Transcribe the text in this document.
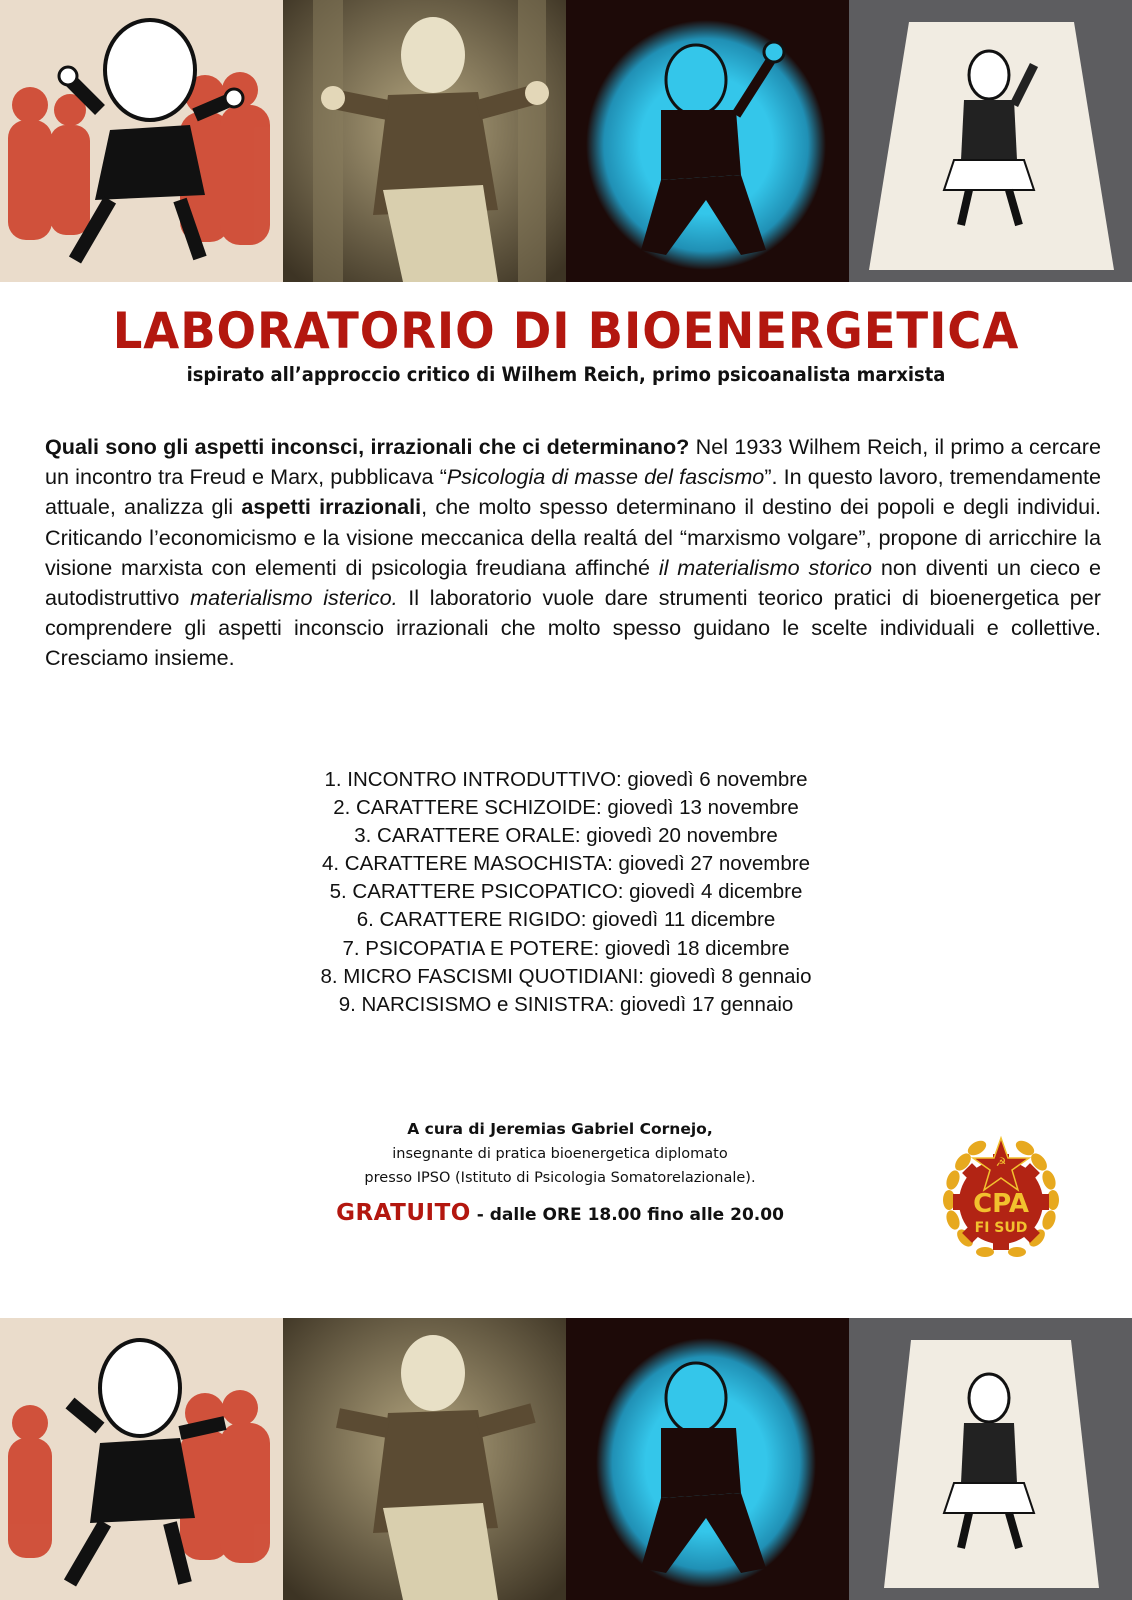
LABORATORIO DI BIOENERGETICA
ispirato all’approccio critico di Wilhem Reich, primo psicoanalista marxista

Quali sono gli aspetti inconsci, irrazionali che ci determinano? Nel 1933 Wilhem Reich, il primo a cercare un incontro tra Freud e Marx, pubblicava “Psicologia di masse del fascismo”. In questo lavoro, tremendamente attuale, analizza gli aspetti irrazionali, che molto spesso determinano il destino dei popoli e degli individui. Criticando l’economicismo e la visione meccanica della realtá del “marxismo volgare”, propone di arricchire la visione marxista con elementi di psicologia freudiana affinché il materialismo storico non diventi un cieco e autodistruttivo materialismo isterico. Il laboratorio vuole dare strumenti teorico pratici di bioenergetica per comprendere gli aspetti inconscio irrazionali che molto spesso guidano le scelte individuali e collettive. Cresciamo insieme.

1. INCONTRO INTRODUTTIVO: giovedì 6 novembre
2. CARATTERE SCHIZOIDE: giovedì 13 novembre
3. CARATTERE ORALE: giovedì 20 novembre
4. CARATTERE MASOCHISTA: giovedì 27 novembre
5. CARATTERE PSICOPATICO: giovedì 4 dicembre
6. CARATTERE RIGIDO: giovedì 11 dicembre
7. PSICOPATIA E POTERE: giovedì 18 dicembre
8. MICRO FASCISMI QUOTIDIANI: giovedì 8 gennaio
9. NARCISISMO e SINISTRA: giovedì 17 gennaio
A cura di Jeremias Gabriel Cornejo,
insegnante di pratica bioenergetica diplomato
presso IPSO (Istituto di Psicologia Somatorelazionale).
GRATUITO - dalle ORE 18.00 fino alle 20.00
☭
CPA
FI SUD
